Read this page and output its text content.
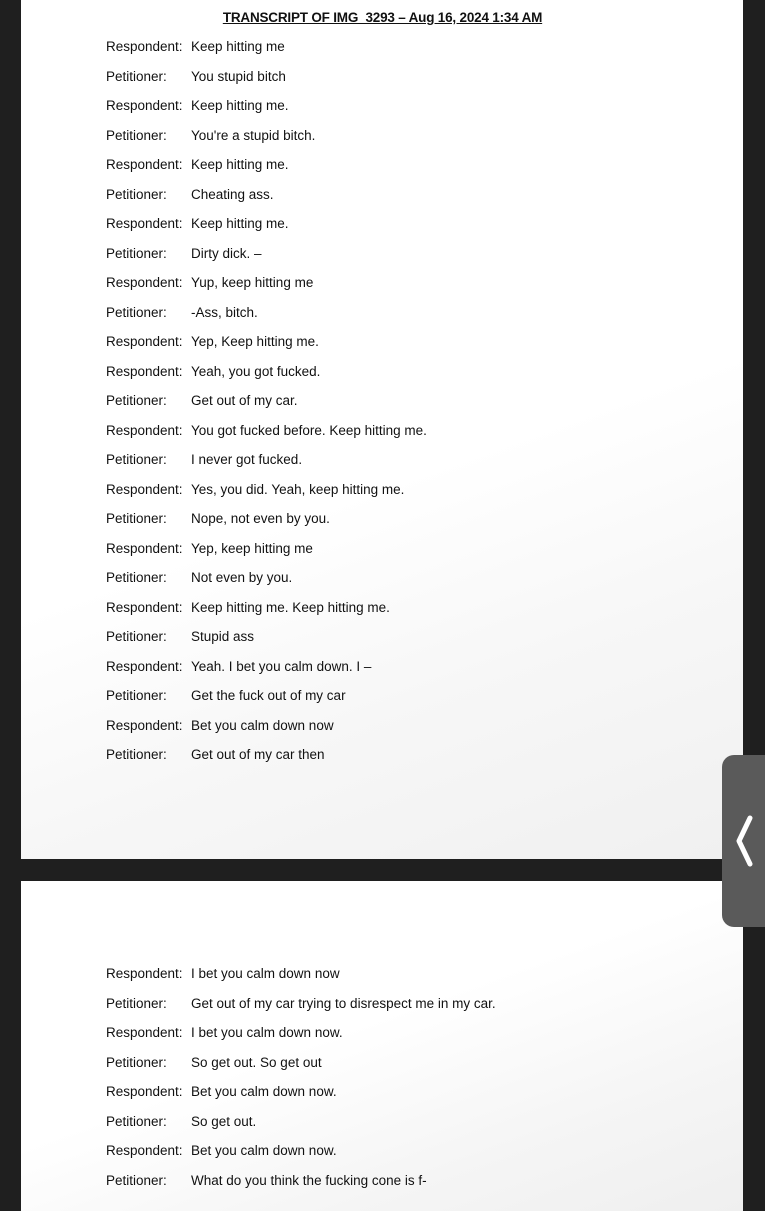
TRANSCRIPT OF IMG_3293 – Aug 16, 2024 1:34 AM
Respondent: Keep hitting me
Petitioner: You stupid bitch
Respondent: Keep hitting me.
Petitioner: You're a stupid bitch.
Respondent: Keep hitting me.
Petitioner: Cheating ass.
Respondent: Keep hitting me.
Petitioner: Dirty dick. –
Respondent: Yup, keep hitting me
Petitioner: -Ass, bitch.
Respondent: Yep, Keep hitting me.
Respondent: Yeah, you got fucked.
Petitioner: Get out of my car.
Respondent: You got fucked before. Keep hitting me.
Petitioner: I never got fucked.
Respondent: Yes, you did. Yeah, keep hitting me.
Petitioner: Nope, not even by you.
Respondent: Yep, keep hitting me
Petitioner: Not even by you.
Respondent: Keep hitting me. Keep hitting me.
Petitioner: Stupid ass
Respondent: Yeah. I bet you calm down. I –
Petitioner: Get the fuck out of my car
Respondent: Bet you calm down now
Petitioner: Get out of my car then
Respondent: I bet you calm down now
Petitioner: Get out of my car trying to disrespect me in my car.
Respondent: I bet you calm down now.
Petitioner: So get out. So get out
Respondent: Bet you calm down now.
Petitioner: So get out.
Respondent: Bet you calm down now.
Petitioner: What do you think the fucking cone is f-
